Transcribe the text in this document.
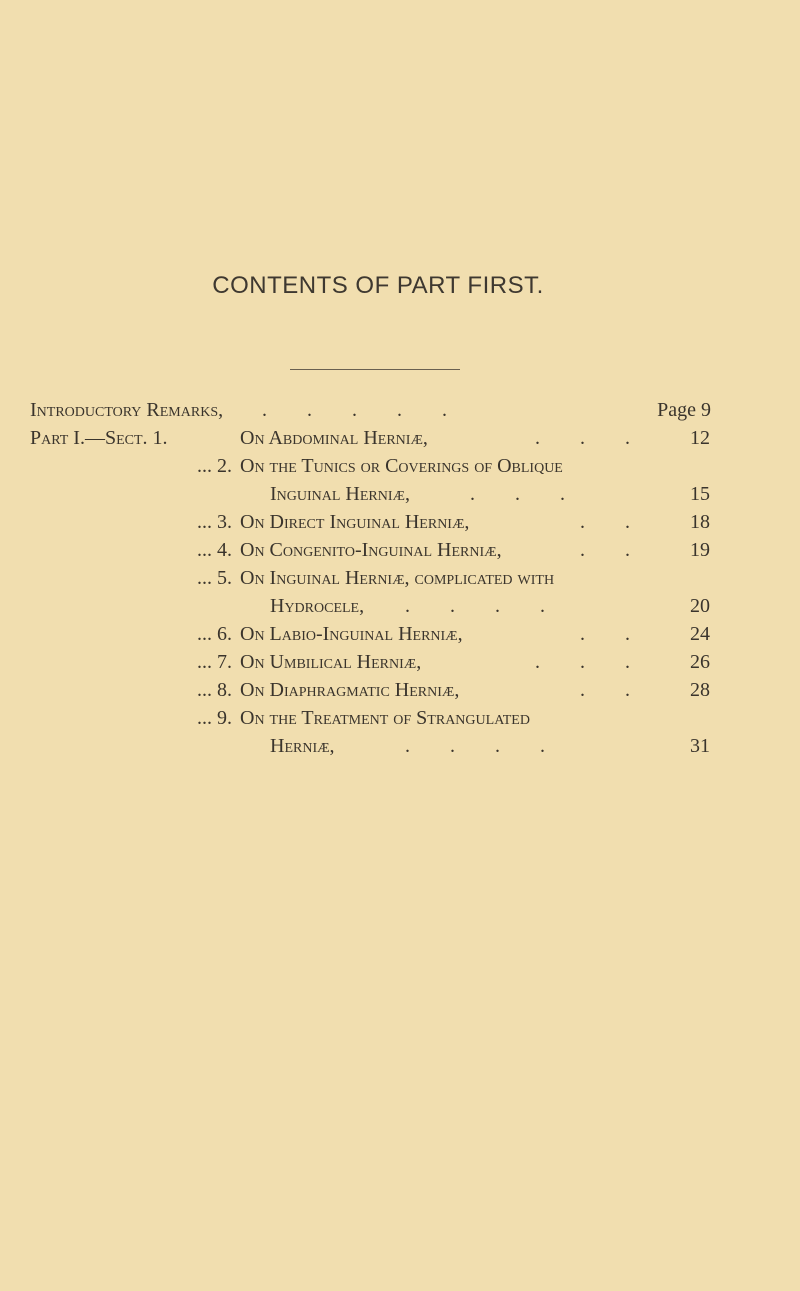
CONTENTS OF PART FIRST.
Introductory Remarks, .        .        .        .        .	Page 9
Part I.—Sect. 1.	On Abdominal Herniæ,	.        .        .	12
... 2. On the Tunics or Coverings of Oblique
Inguinal Herniæ,	.        .        .	15
... 3. On Direct Inguinal Herniæ,	.        .	18
... 4. On Congenito-Inguinal Herniæ,	.        .	19
... 5. On Inguinal Herniæ, complicated with
Hydrocele, .        .        .        .	20
... 6. On Labio-Inguinal Herniæ,	.        .	24
... 7. On Umbilical Herniæ,	.        .        .	26
... 8. On Diaphragmatic Herniæ,	.        .	28
... 9. On the Treatment of Strangulated
Herniæ,	.        .        .        .	31
